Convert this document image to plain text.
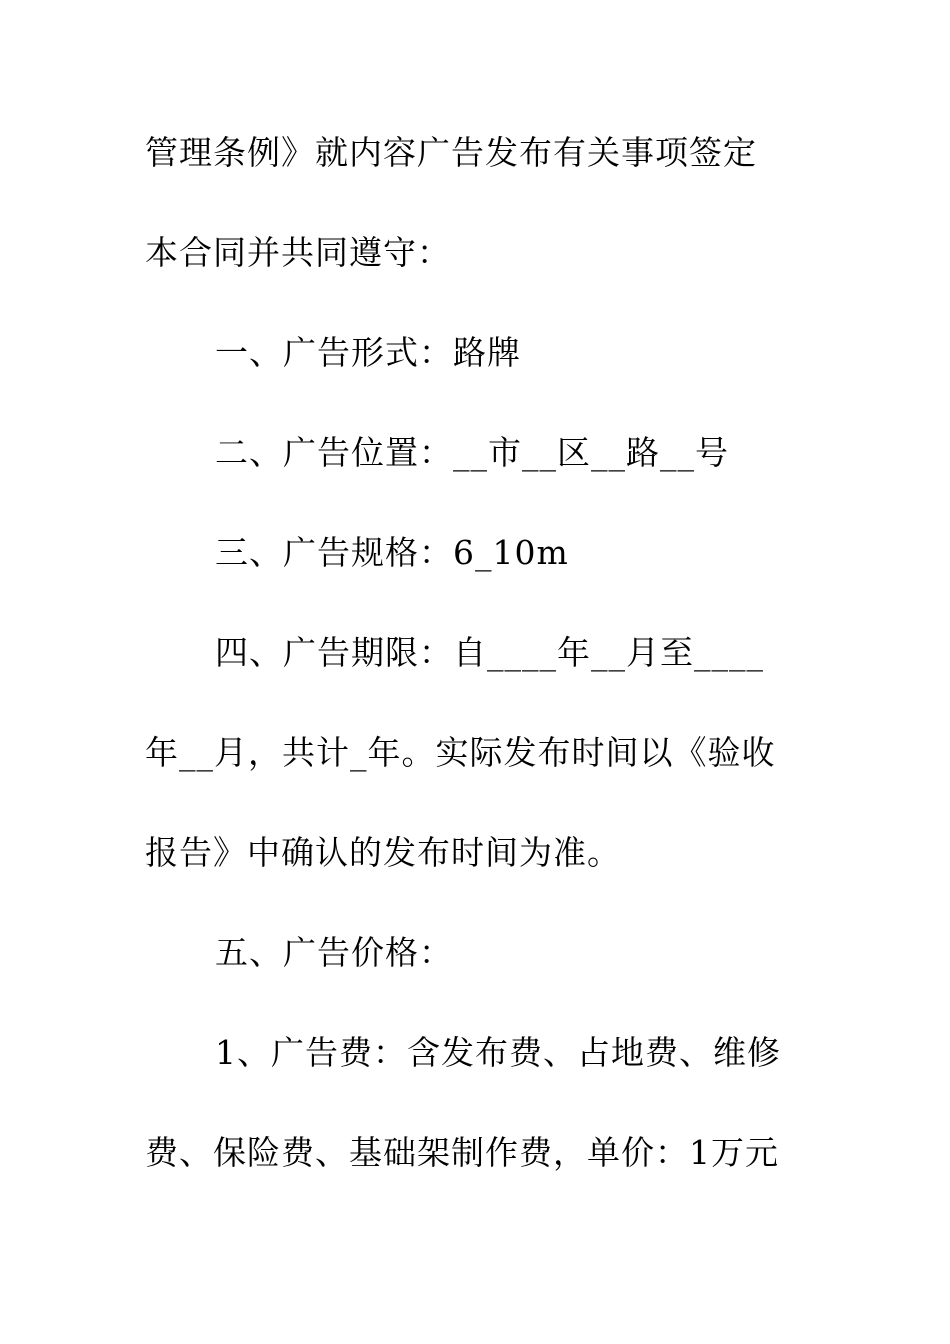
管理条例》就内容广告发布有关事项签定
本合同并共同遵守：
一、广告形式：路牌
二、广告位置：__市__区__路__号
三、广告规格：6_10m
四、广告期限：自____年__月至____
年__月，共计_年。实际发布时间以《验收
报告》中确认的发布时间为准。
五、广告价格：
1、广告费：含发布费、占地费、维修
费、保险费、基础架制作费，单价：1万元
